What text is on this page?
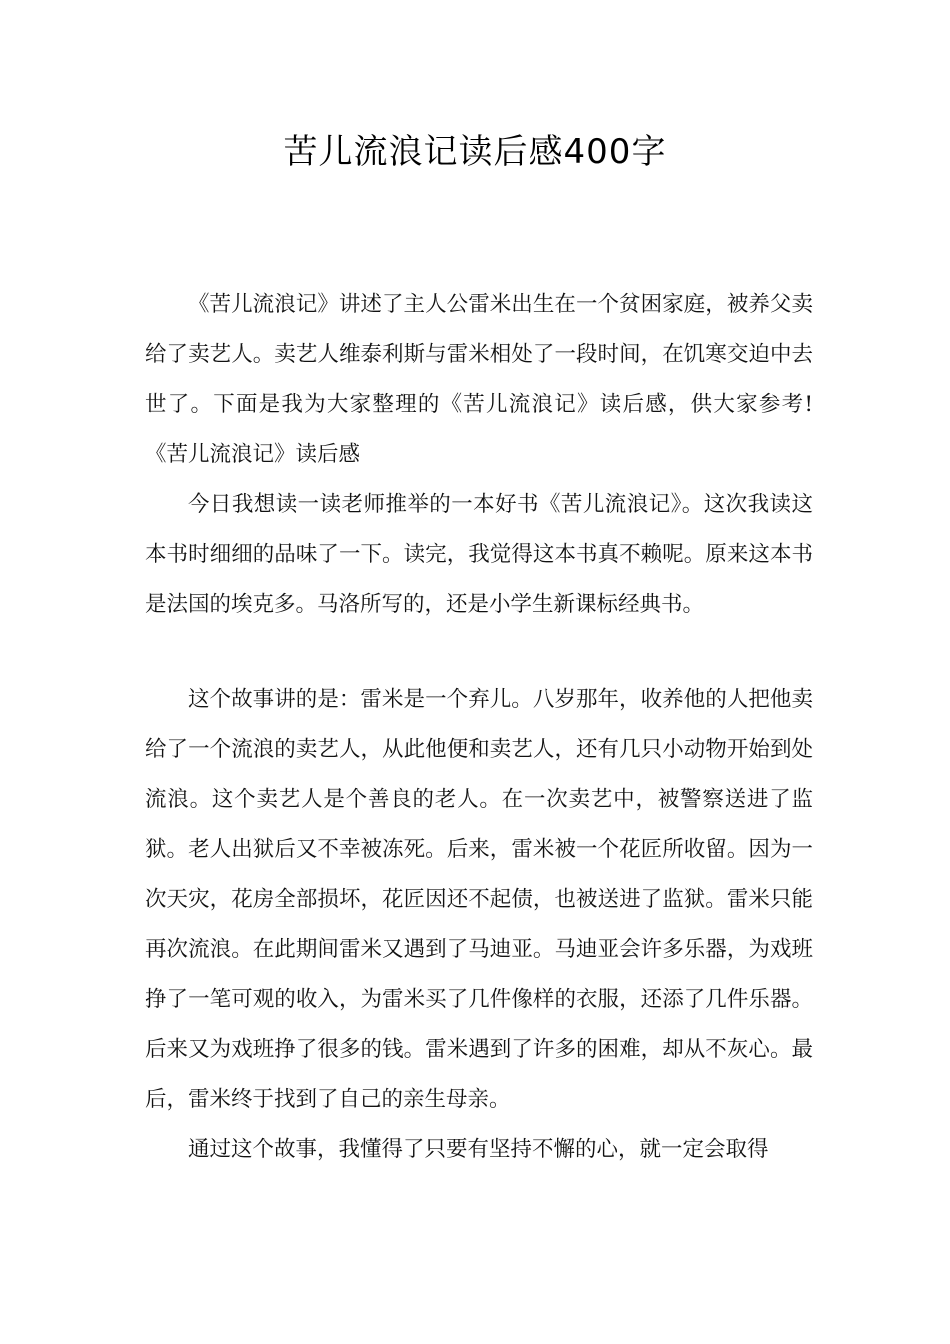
苦儿流浪记读后感400字

《苦儿流浪记》讲述了主人公雷米出生在一个贫困家庭，被养父卖给了卖艺人。卖艺人维泰利斯与雷米相处了一段时间，在饥寒交迫中去世了。下面是我为大家整理的《苦儿流浪记》读后感，供大家参考!《苦儿流浪记》读后感

今日我想读一读老师推举的一本好书《苦儿流浪记》。这次我读这本书时细细的品味了一下。读完，我觉得这本书真不赖呢。原来这本书是法国的埃克多。马洛所写的，还是小学生新课标经典书。

这个故事讲的是：雷米是一个弃儿。八岁那年，收养他的人把他卖给了一个流浪的卖艺人，从此他便和卖艺人，还有几只小动物开始到处流浪。这个卖艺人是个善良的老人。在一次卖艺中，被警察送进了监狱。老人出狱后又不幸被冻死。后来，雷米被一个花匠所收留。因为一次天灾，花房全部损坏，花匠因还不起债，也被送进了监狱。雷米只能再次流浪。在此期间雷米又遇到了马迪亚。马迪亚会许多乐器，为戏班挣了一笔可观的收入，为雷米买了几件像样的衣服，还添了几件乐器。后来又为戏班挣了很多的钱。雷米遇到了许多的困难，却从不灰心。最后，雷米终于找到了自己的亲生母亲。

通过这个故事，我懂得了只要有坚持不懈的心，就一定会取得
